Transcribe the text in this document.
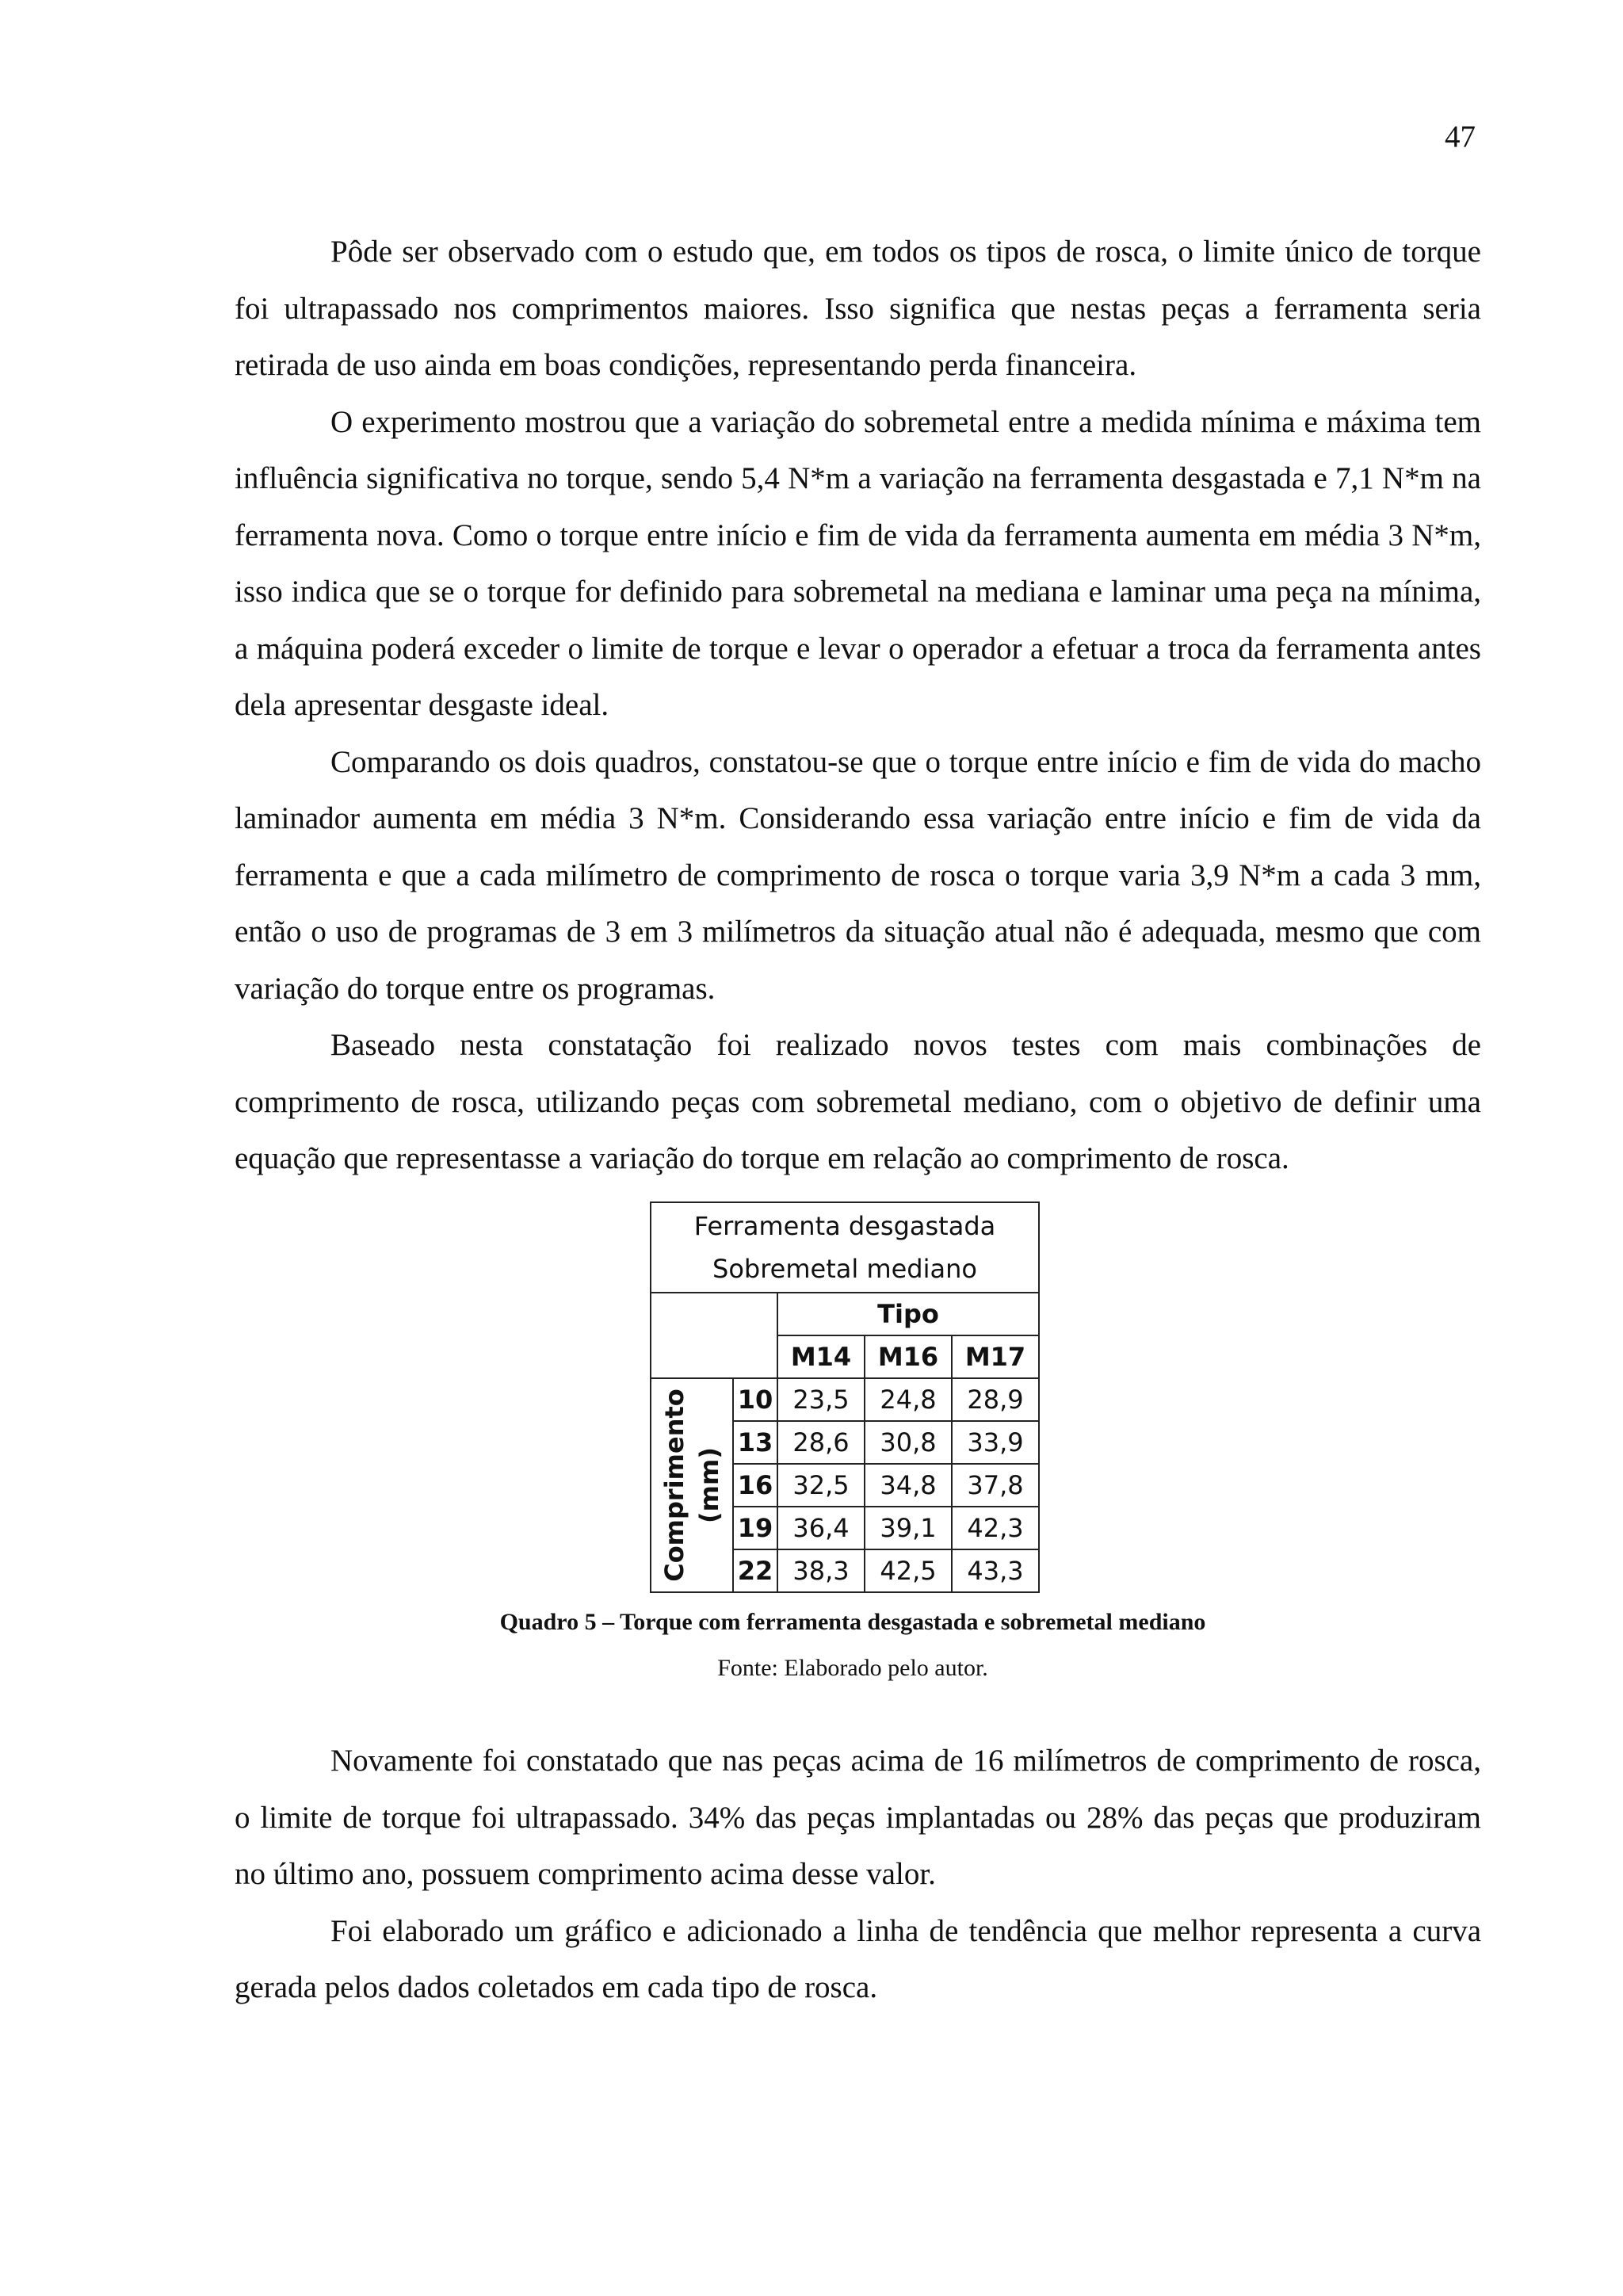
47

Pôde ser observado com o estudo que, em todos os tipos de rosca, o limite único de torque foi ultrapassado nos comprimentos maiores. Isso significa que nestas peças a ferramenta seria retirada de uso ainda em boas condições, representando perda financeira.

O experimento mostrou que a variação do sobremetal entre a medida mínima e máxima tem influência significativa no torque, sendo 5,4 N*m a variação na ferramenta desgastada e 7,1 N*m na ferramenta nova. Como o torque entre início e fim de vida da ferramenta aumenta em média 3 N*m, isso indica que se o torque for definido para sobremetal na mediana e laminar uma peça na mínima, a máquina poderá exceder o limite de torque e levar o operador a efetuar a troca da ferramenta antes dela apresentar desgaste ideal.

Comparando os dois quadros, constatou-se que o torque entre início e fim de vida do macho laminador aumenta em média 3 N*m. Considerando essa variação entre início e fim de vida da ferramenta e que a cada milímetro de comprimento de rosca o torque varia 3,9 N*m a cada 3 mm, então o uso de programas de 3 em 3 milímetros da situação atual não é adequada, mesmo que com variação do torque entre os programas.

Baseado nesta constatação foi realizado novos testes com mais combinações de comprimento de rosca, utilizando peças com sobremetal mediano, com o objetivo de definir uma equação que representasse a variação do torque em relação ao comprimento de rosca.

Ferramenta desgastada
Sobremetal mediano				

		Tipo		
		M14	M16	M17

Comprimento (mm)	10	23,5	24,8	28,9
	13	28,6	30,8	33,9
	16	32,5	34,8	37,8
	19	36,4	39,1	42,3
	22	38,3	42,5	43,3
Quadro 5 – Torque com ferramenta desgastada e sobremetal mediano
Fonte: Elaborado pelo autor.

Novamente foi constatado que nas peças acima de 16 milímetros de comprimento de rosca, o limite de torque foi ultrapassado. 34% das peças implantadas ou 28% das peças que produziram no último ano, possuem comprimento acima desse valor.

Foi elaborado um gráfico e adicionado a linha de tendência que melhor representa a curva gerada pelos dados coletados em cada tipo de rosca.
